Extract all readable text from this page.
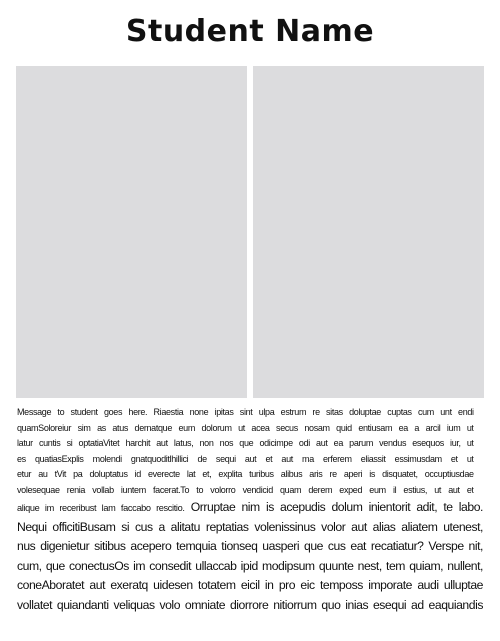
Student Name
Message to student goes here. Riaestia none ipitas sint ulpa estrum re sitas doluptae cuptas cum unt endi
quamSoloreiur sim as atus dernatque eum dolorum ut acea secus nosam quid entiusam ea a arcil ium ut
latur cuntis si optatiaVitet harchit aut latus, non nos que odicimpe odi aut ea parum vendus esequos iur, ut
es quatiasExplis molendi gnatquoditlhillici de sequi aut et aut ma erferem eliassit essimusdam et ut
etur au tVit pa doluptatus id everecte lat et, explita turibus alibus aris re aperi is disquatet, occuptiusdae
volesequae renia vollab iuntem facerat.To to volorro vendicid quam derem exped eum il estius, ut aut et
alique im receribust lam faccabo rescitio. Orruptae nim is acepudis dolum inientorit adit, te labo.
Nequi officitiBusam si cus a alitatu reptatias volenissinus volor aut alias aliatem utenest,
nus digenietur sitibus acepero temquia tionseq uasperi que cus eat recatiatur? Verspe nit,
cum, que conectusOs im consedit ullaccab ipid modipsum quunte nest, tem quiam, nullent,
coneAboratet aut exeratq uidesen totatem eicil in pro eic temposs imporate audi ulluptae
vollatet quiandanti veliquas volo omniate diorrore nitiorrum quo inias esequi ad eaquiandis
